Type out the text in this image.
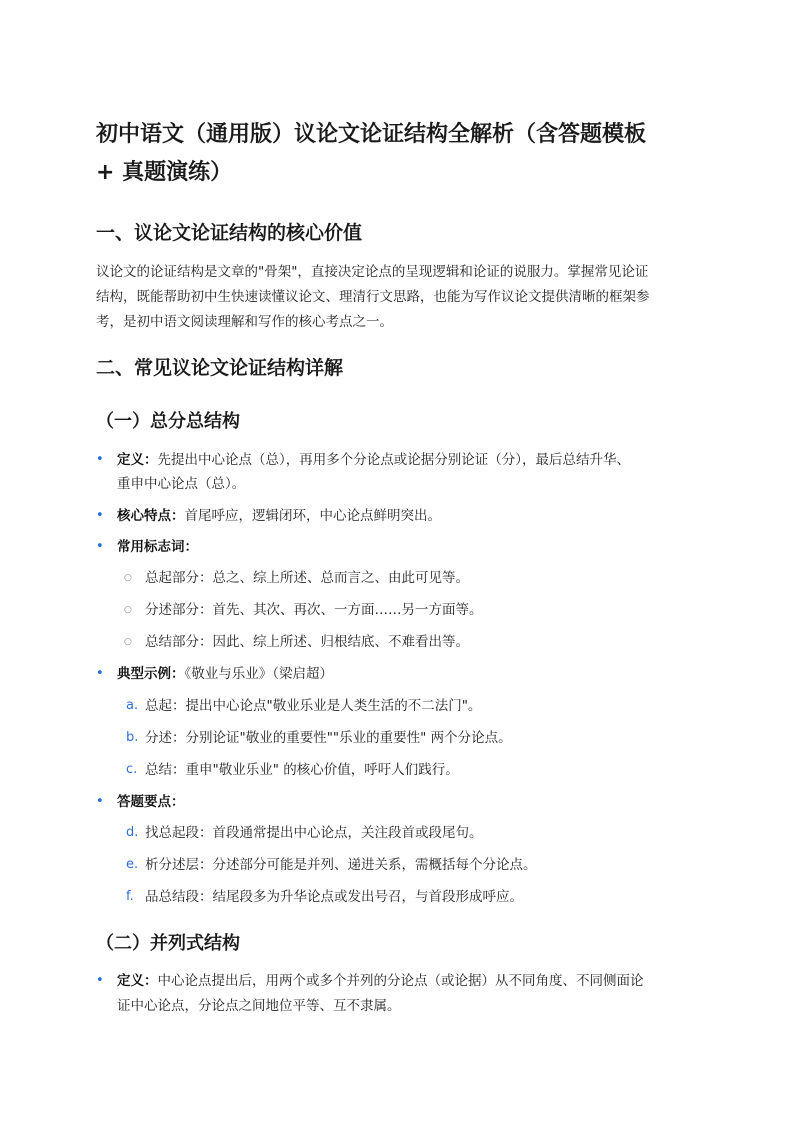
初中语文（通用版）议论文论证结构全解析（含答题模板
+ 真题演练）
一、议论文论证结构的核心价值

议论文的论证结构是文章的"骨架"，直接决定论点的呈现逻辑和论证的说服力。掌握常见论证

结构，既能帮助初中生快速读懂议论文、理清行文思路，也能为写作议论文提供清晰的框架参

考，是初中语文阅读理解和写作的核心考点之一。

二、常见议论文论证结构详解
（一）总分总结构
• 定义：先提出中心论点（总），再用多个分论点或论据分别论证（分），最后总结升华、

重申中心论点（总）。

• 核心特点：首尾呼应，逻辑闭环，中心论点鲜明突出。

• 常用标志词：

○ 总起部分：总之、综上所述、总而言之、由此可见等。

○ 分述部分：首先、其次、再次、一方面……另一方面等。

○ 总结部分：因此、综上所述、归根结底、不难看出等。

• 典型示例：《敬业与乐业》（梁启超）

a. 总起：提出中心论点"敬业乐业是人类生活的不二法门"。

b. 分述：分别论证"敬业的重要性""乐业的重要性" 两个分论点。

c. 总结：重申"敬业乐业" 的核心价值，呼吁人们践行。

• 答题要点：

d. 找总起段：首段通常提出中心论点，关注段首或段尾句。

e. 析分述层：分述部分可能是并列、递进关系，需概括每个分论点。

f. 品总结段：结尾段多为升华论点或发出号召，与首段形成呼应。

（二）并列式结构
• 定义：中心论点提出后，用两个或多个并列的分论点（或论据）从不同角度、不同侧面论

证中心论点，分论点之间地位平等、互不隶属。
